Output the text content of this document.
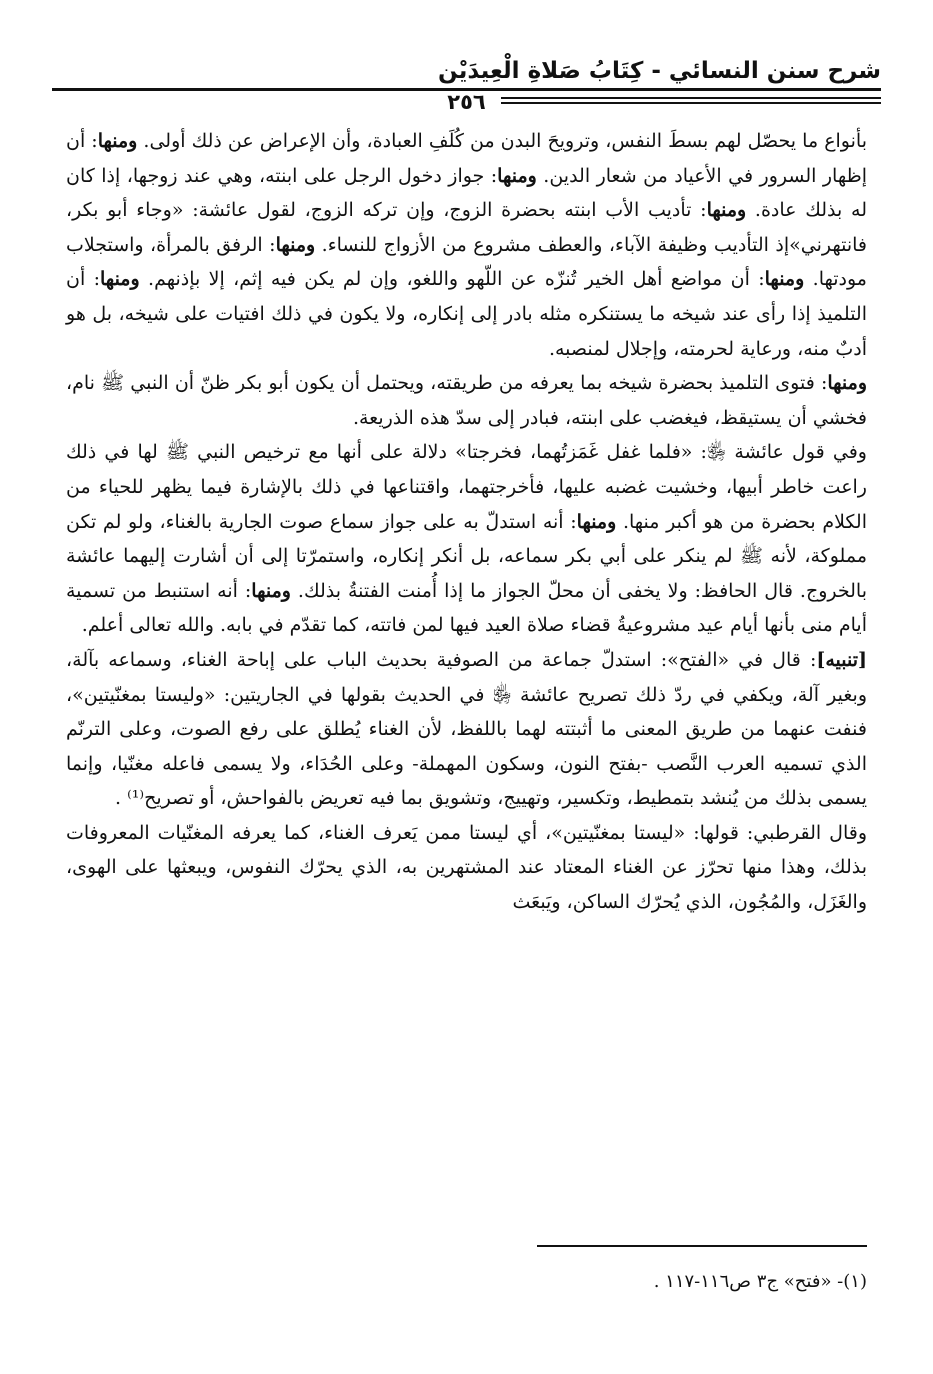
شرح سنن النسائي - كِتَابُ صَلاةِ الْعِيدَيْن
٢٥٦

بأنواع ما يحصّل لهم بسطَ النفس، وترويحَ البدن من كُلَفِ العبادة، وأن الإعراض عن ذلك أولى. ومنها: أن إظهار السرور في الأعياد من شعار الدين. ومنها: جواز دخول الرجل على ابنته، وهي عند زوجها، إذا كان له بذلك عادة. ومنها: تأديب الأب ابنته بحضرة الزوج، وإن تركه الزوج، لقول عائشة: «وجاء أبو بكر، فانتهرني»إذ التأديب وظيفة الآباء، والعطف مشروع من الأزواج للنساء. ومنها: الرفق بالمرأة، واستجلاب مودتها. ومنها: أن مواضع أهل الخير تُنزّه عن اللّهو واللغو، وإن لم يكن فيه إثم، إلا بإذنهم. ومنها: أن التلميذ إذا رأى عند شيخه ما يستنكره مثله بادر إلى إنكاره، ولا يكون في ذلك افتيات على شيخه، بل هو أدبٌ منه، ورعاية لحرمته، وإجلال لمنصبه.

ومنها: فتوى التلميذ بحضرة شيخه بما يعرفه من طريقته، ويحتمل أن يكون أبو بكر ظنّ أن النبي ﷺ نام، فخشي أن يستيقظ، فيغضب على ابنته، فبادر إلى سدّ هذه الذريعة.

وفي قول عائشة ﵂: «فلما غفل غَمَزتُهما، فخرجتا» دلالة على أنها مع ترخيص النبي ﷺ لها في ذلك راعت خاطر أبيها، وخشيت غضبه عليها، فأخرجتهما، واقتناعها في ذلك بالإشارة فيما يظهر للحياء من الكلام بحضرة من هو أكبر منها. ومنها: أنه استدلّ به على جواز سماع صوت الجارية بالغناء، ولو لم تكن مملوكة، لأنه ﷺ لم ينكر على أبي بكر سماعه، بل أنكر إنكاره، واستمرّتا إلى أن أشارت إليهما عائشة بالخروج. قال الحافظ: ولا يخفى أن محلّ الجواز ما إذا أُمنت الفتنةُ بذلك. ومنها: أنه استنبط من تسمية أيام منى بأنها أيام عيد مشروعيةُ قضاء صلاة العيد فيها لمن فاتته، كما تقدّم في بابه. والله تعالى أعلم.

[تنبيه]: قال في «الفتح»: استدلّ جماعة من الصوفية بحديث الباب على إباحة الغناء، وسماعه بآلة، وبغير آلة، ويكفي في ردّ ذلك تصريح عائشة ﵂ في الحديث بقولها في الجاريتين: «وليستا بمغنّيتين»، فنفت عنهما من طريق المعنى ما أثبتته لهما باللفظ، لأن الغناء يُطلق على رفع الصوت، وعلى الترنّم الذي تسميه العرب النَّصب -بفتح النون، وسكون المهملة- وعلى الحُدَاء، ولا يسمى فاعله مغنّيا، وإنما يسمى بذلك من يُنشد بتمطيط، وتكسير، وتهييج، وتشويق بما فيه تعريض بالفواحش، أو تصريح⁽¹⁾ .

وقال القرطبي: قولها: «ليستا بمغنّيتين»، أي ليستا ممن يَعرف الغناء، كما يعرفه المغنّيات المعروفات بذلك، وهذا منها تحرّز عن الغناء المعتاد عند المشتهرين به، الذي يحرّك النفوس، ويبعثها على الهوى، والغَزَل، والمُجُون، الذي يُحرّك الساكن، ويَبعَث

(١)- «فتح» ج٣ ص١١٦-١١٧ .
